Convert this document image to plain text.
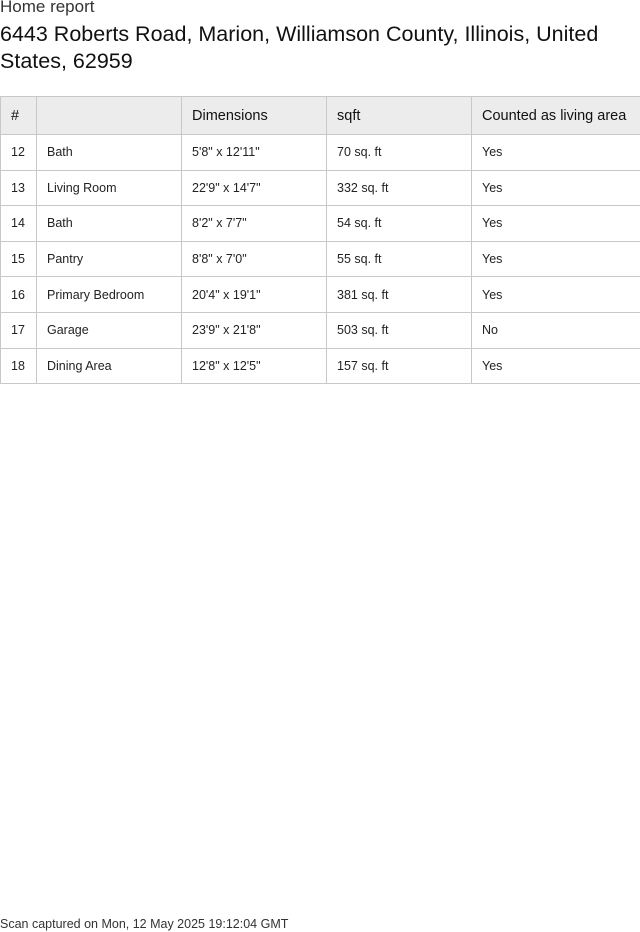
Home report
6443 Roberts Road, Marion, Williamson County, Illinois, United States, 62959
#		Dimensions	sqft	Counted as living area
12	Bath	5'8" x 12'11"	70 sq. ft	Yes
13	Living Room	22'9" x 14'7"	332 sq. ft	Yes
14	Bath	8'2" x 7'7"	54 sq. ft	Yes
15	Pantry	8'8" x 7'0"	55 sq. ft	Yes
16	Primary Bedroom	20'4" x 19'1"	381 sq. ft	Yes
17	Garage	23'9" x 21'8"	503 sq. ft	No
18	Dining Area	12'8" x 12'5"	157 sq. ft	Yes
Scan captured on Mon, 12 May 2025 19:12:04 GMT
